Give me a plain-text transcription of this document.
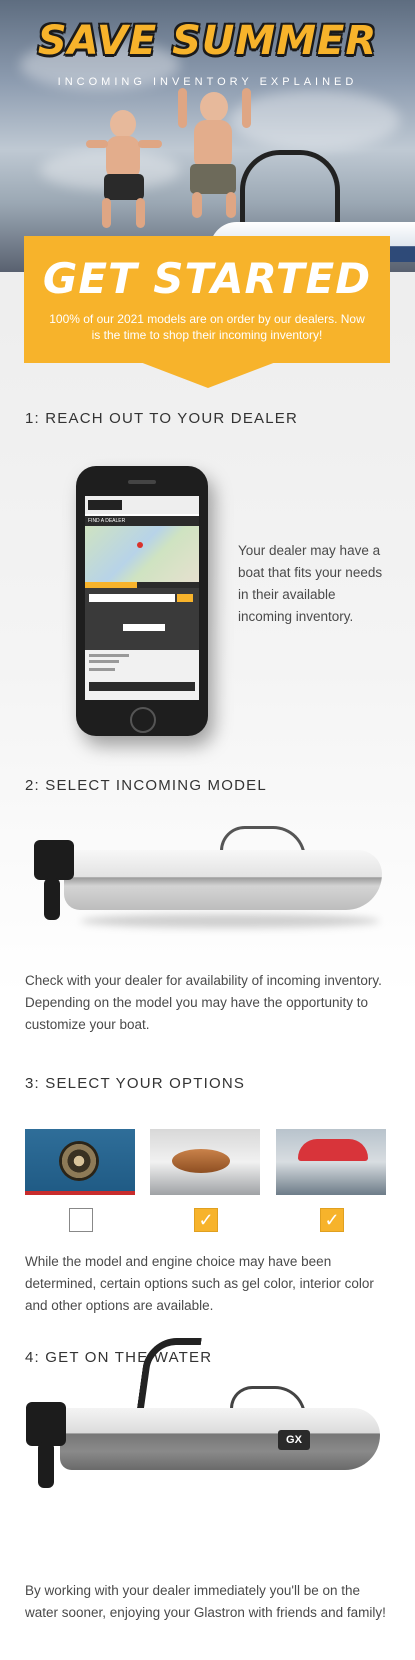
SAVE SUMMER
INCOMING INVENTORY EXPLAINED
GET STARTED
100% of our 2021 models are on order by our dealers. Now is the time to shop their incoming inventory!
1: REACH OUT TO YOUR DEALER
FIND A DEALER
Your dealer may have a boat that fits your needs in their available incoming inventory.
2: SELECT INCOMING MODEL
Check with your dealer for availability of incoming inventory. Depending on the model you may have the opportunity to customize your boat.
3: SELECT YOUR OPTIONS
✓	✓
While the model and engine choice may have been determined, certain options such as gel color, interior color and other options are available.
4: GET ON THE WATER
GX
By working with your dealer immediately you'll be on the water sooner, enjoying your Glastron with friends and family!
